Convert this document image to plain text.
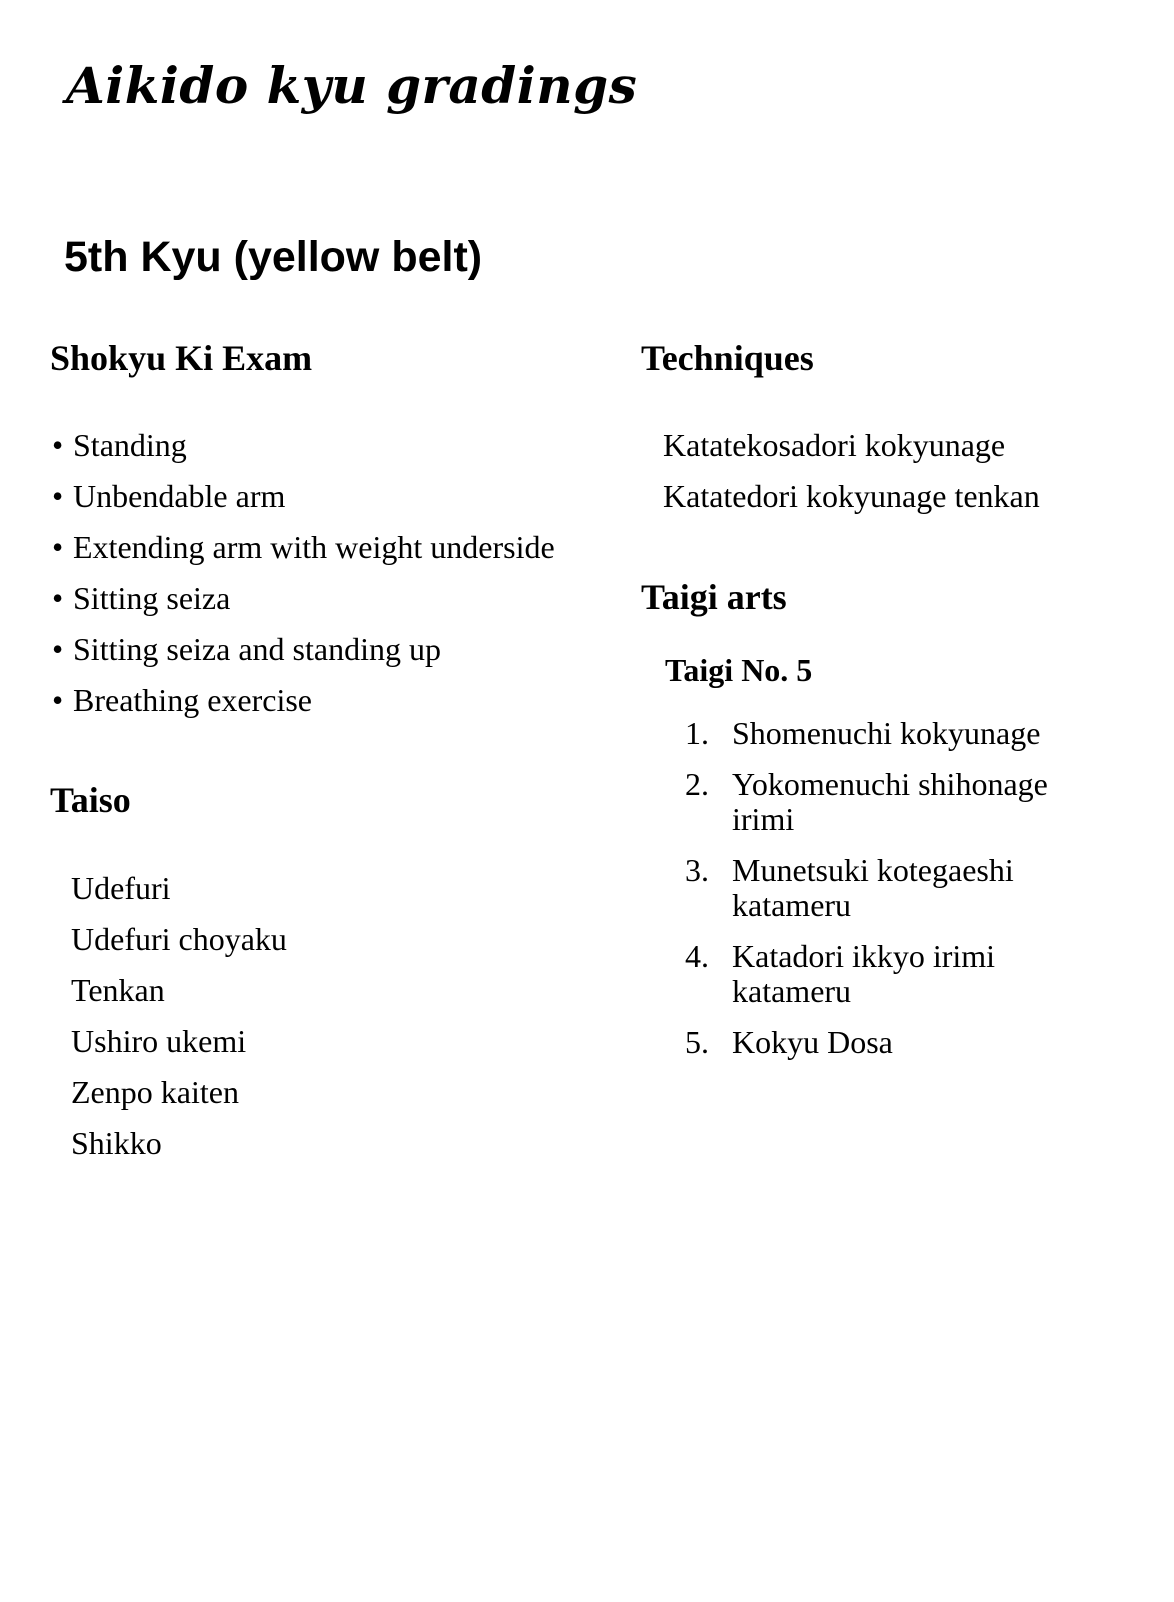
Aikido kyu gradings
5th Kyu (yellow belt)
Shokyu Ki Exam
• Standing
• Unbendable arm
• Extending arm with weight underside
• Sitting seiza
• Sitting seiza and standing up
• Breathing exercise
Taiso
Udefuri
Udefuri choyaku
Tenkan
Ushiro ukemi
Zenpo kaiten
Shikko
Techniques
Katatekosadori kokyunage
Katatedori kokyunage tenkan
Taigi arts
Taigi No. 5
1. Shomenuchi kokyunage
2. Yokomenuchi shihonage irimi
3. Munetsuki kotegaeshi katameru
4. Katadori ikkyo irimi katameru
5. Kokyu Dosa
